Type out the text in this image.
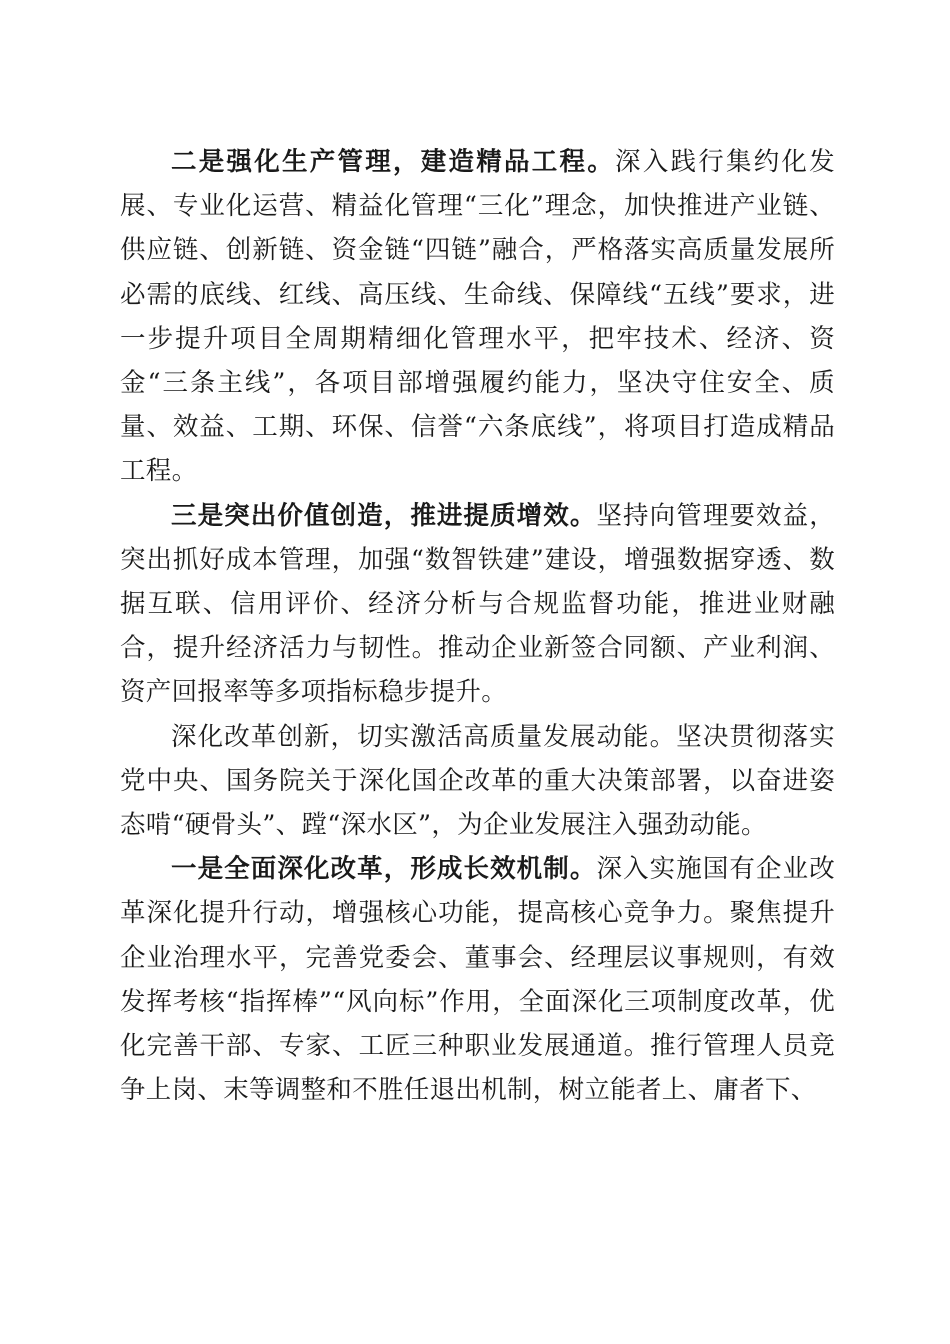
二是强化生产管理，建造精品工程。深入践行集约化发展、专业化运营、精益化管理“三化”理念，加快推进产业链、供应链、创新链、资金链“四链”融合，严格落实高质量发展所必需的底线、红线、高压线、生命线、保障线“五线”要求，进一步提升项目全周期精细化管理水平，把牢技术、经济、资金“三条主线”，各项目部增强履约能力，坚决守住安全、质量、效益、工期、环保、信誉“六条底线”，将项目打造成精品工程。

三是突出价值创造，推进提质增效。坚持向管理要效益，突出抓好成本管理，加强“数智铁建”建设，增强数据穿透、数据互联、信用评价、经济分析与合规监督功能，推进业财融合，提升经济活力与韧性。推动企业新签合同额、产业利润、资产回报率等多项指标稳步提升。

深化改革创新，切实激活高质量发展动能。坚决贯彻落实党中央、国务院关于深化国企改革的重大决策部署，以奋进姿态啃“硬骨头”、蹚“深水区”，为企业发展注入强劲动能。

一是全面深化改革，形成长效机制。深入实施国有企业改革深化提升行动，增强核心功能，提高核心竞争力。聚焦提升企业治理水平，完善党委会、董事会、经理层议事规则，有效发挥考核“指挥棒”“风向标”作用，全面深化三项制度改革，优化完善干部、专家、工匠三种职业发展通道。推行管理人员竞争上岗、末等调整和不胜任退出机制，树立能者上、庸者下、
